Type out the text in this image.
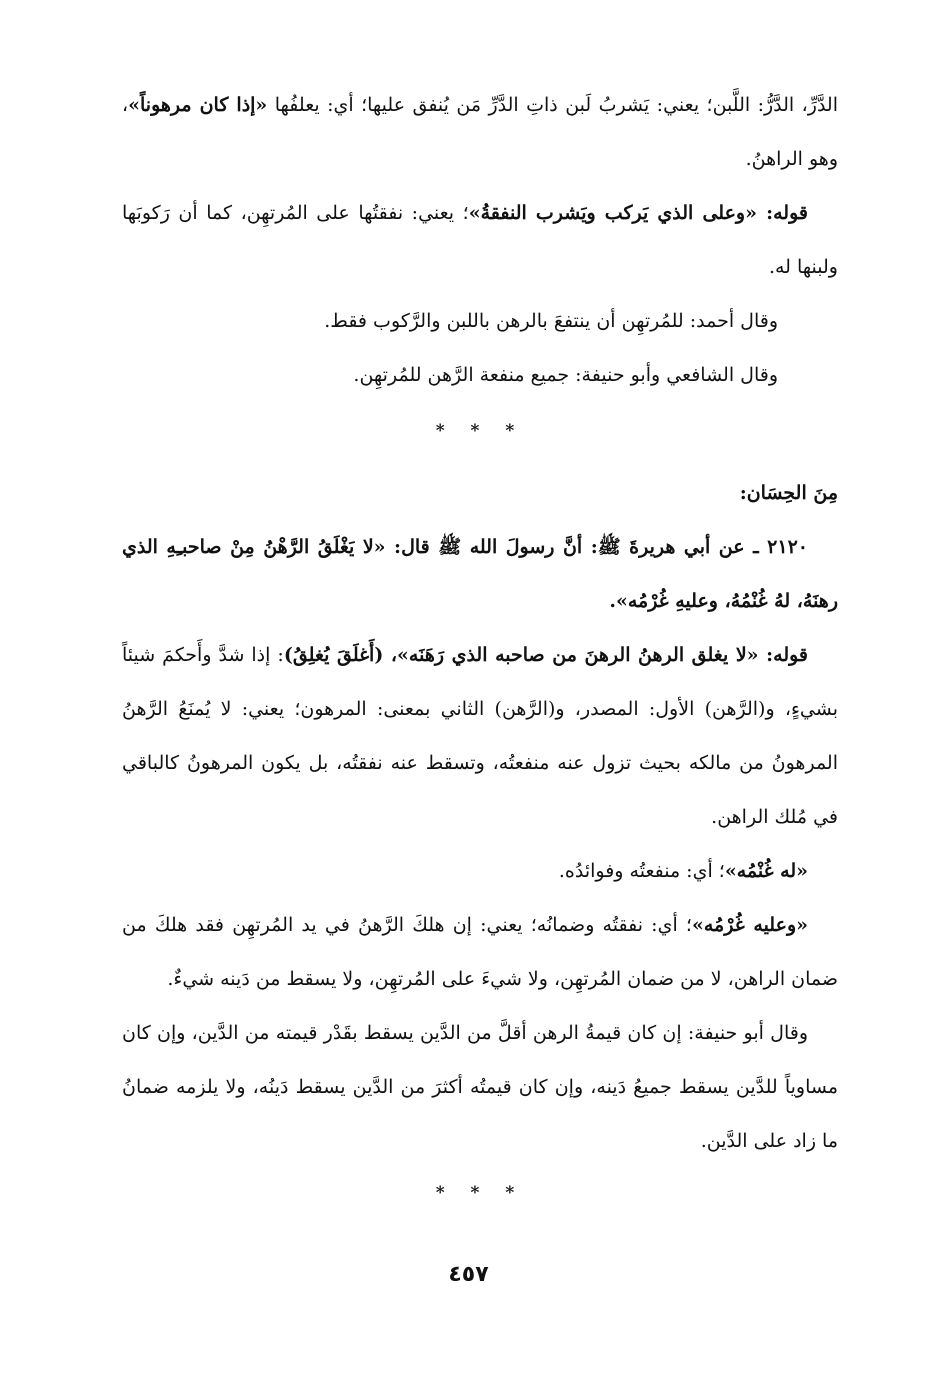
الدَّرِّ، الدَّرُّ: اللَّبن؛ يعني: يَشربُ لَبن ذاتِ الدَّرِّ مَن يُنفق عليها؛ أي: يعلفُها «إذا كان مرهوناً»، وهو الراهنُ.

قوله: «وعلى الذي يَركب ويَشرب النفقةُ»؛ يعني: نفقتُها على المُرتهِن، كما أن رَكوبَها ولبنها له.

وقال أحمد: للمُرتهِن أن ينتفعَ بالرهن باللبن والرَّكوب فقط.

وقال الشافعي وأبو حنيفة: جميع منفعة الرَّهن للمُرتهِن.

* * *

مِنَ الحِسَان:

٢١٢٠ ـ عن أبي هريرةَ ﷺ: أنَّ رسولَ الله ﷺ قال: «لا يَغْلَقُ الرَّهْنُ مِنْ صاحبـِهِ الذي رهنَهُ، لهُ غُنْمُهُ، وعليهِ غُرْمُه».

قوله: «لا يغلق الرهنُ الرهنَ من صاحبه الذي رَهَنَه»، (أَغلَقَ يُغلِقُ): إذا شدَّ وأَحكمَ شيئاً بشيءٍ، و(الرَّهن) الأول: المصدر، و(الرَّهن) الثاني بمعنى: المرهون؛ يعني: لا يُمنَعُ الرَّهنُ المرهونُ من مالكه بحيث تزول عنه منفعتُه، وتسقط عنه نفقتُه، بل يكون المرهونُ كالباقي في مُلك الراهن.

«له غُنْمُه»؛ أي: منفعتُه وفوائدُه.

«وعليه غُرْمُه»؛ أي: نفقتُه وضمانُه؛ يعني: إن هلكَ الرَّهنُ في يد المُرتهِن فقد هلكَ من ضمان الراهن، لا من ضمان المُرتهِن، ولا شيءَ على المُرتهِن، ولا يسقط من دَينه شيءٌ.

وقال أبو حنيفة: إن كان قيمةُ الرهن أقلَّ من الدَّين يسقط بقَدْر قيمته من الدَّين، وإن كان مساوياً للدَّين يسقط جميعُ دَينه، وإن كان قيمتُه أكثرَ من الدَّين يسقط دَينُه، ولا يلزمه ضمانُ ما زاد على الدَّين.

* * *
٤٥٧
